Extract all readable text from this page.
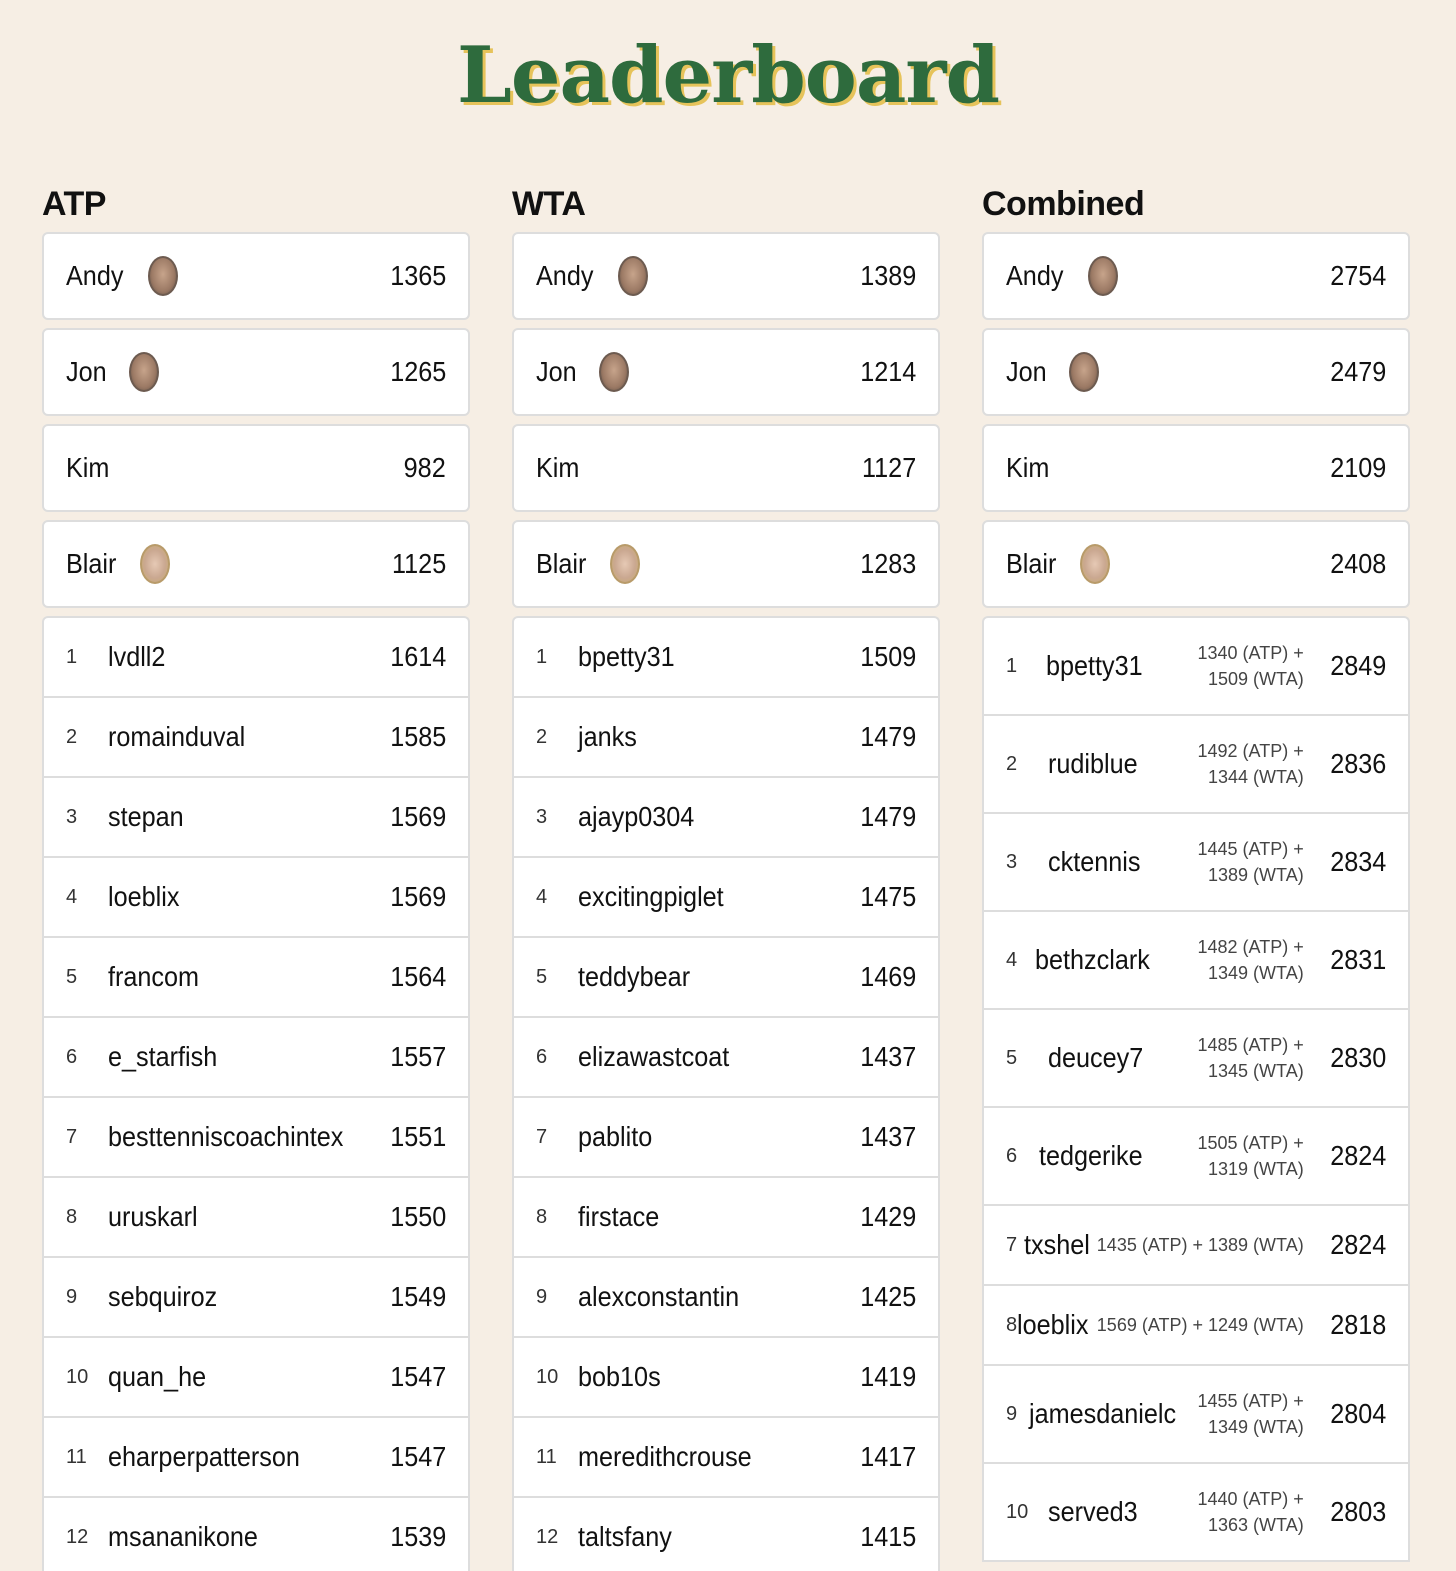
Leaderboard
ATP
Andy	1365
Jon	1265
Kim	982
Blair	1125
1	lvdll2	1614
2	romainduval	1585
3	stepan	1569
4	loeblix	1569
5	francom	1564
6	e_starfish	1557
7	besttenniscoachintex 1551
8	uruskarl	1550
9	sebquiroz	1549
10 quan_he	1547
11 eharperpatterson	1547
12 msananikone	1539
WTA
Andy	1389
Jon	1214
Kim	1127
Blair	1283
1	bpetty31	1509
2	janks	1479
3	ajayp0304	1479
4	excitingpiglet	1475
5	teddybear	1469
6	elizawastcoat	1437
7	pablito	1437
8	firstace	1429
9	alexconstantin	1425
10 bob10s	1419
11 meredithcrouse	1417
12 taltsfany	1415
Combined
Andy	2754
Jon	2479
Kim	2109
Blair	2408
1	bpetty31	1340 (ATP) + 1509 (WTA) 2849
2	rudiblue	1492 (ATP) + 1344 (WTA) 2836
3	cktennis	1445 (ATP) + 1389 (WTA) 2834
4 bethzclark	1482 (ATP) + 1349 (WTA) 2831
5	deucey7	1485 (ATP) + 1345 (WTA) 2830
6 tedgerike	1505 (ATP) + 1319 (WTA) 2824
7 txshel 1435 (ATP) + 1389 (WTA) 2824
8 loeblix 1569 (ATP) + 1249 (WTA) 2818
9 jamesdanielc	1455 (ATP) + 1349 (WTA) 2804
10 served3	1440 (ATP) + 1363 (WTA) 2803
